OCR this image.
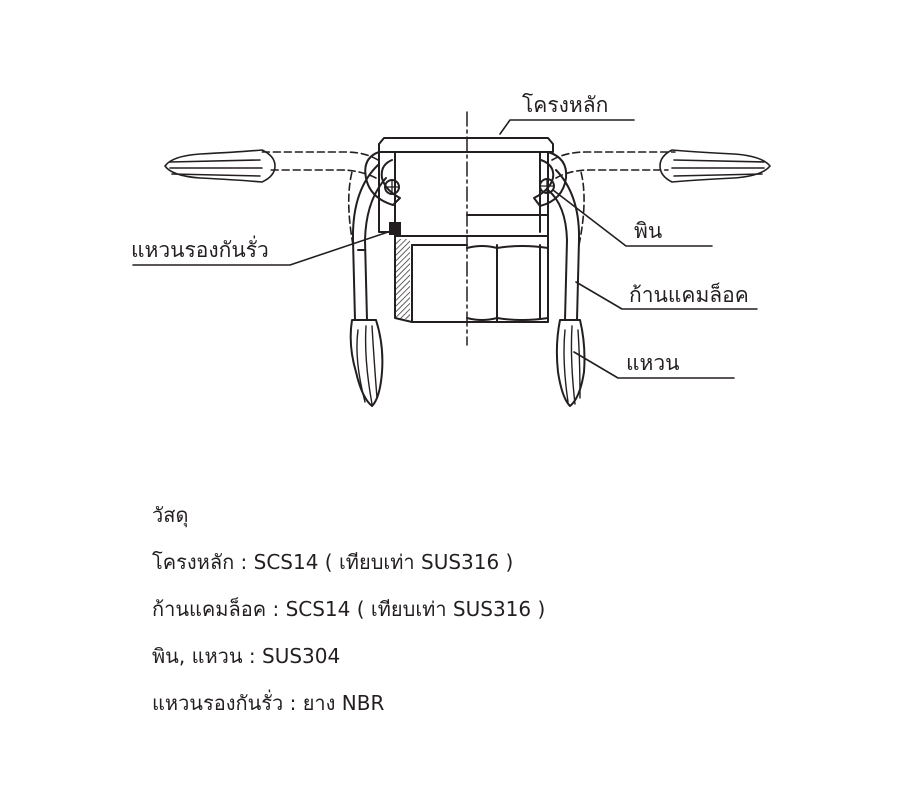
โครงหลัก
พิน
แหวนรองกันรั่ว
ก้านแคมล็อค
แหวน
วัสดุ
โครงหลัก : SCS14 ( เทียบเท่า SUS316 )
ก้านแคมล็อค : SCS14 ( เทียบเท่า SUS316 )
พิน, แหวน : SUS304
แหวนรองกันรั่ว : ยาง NBR
